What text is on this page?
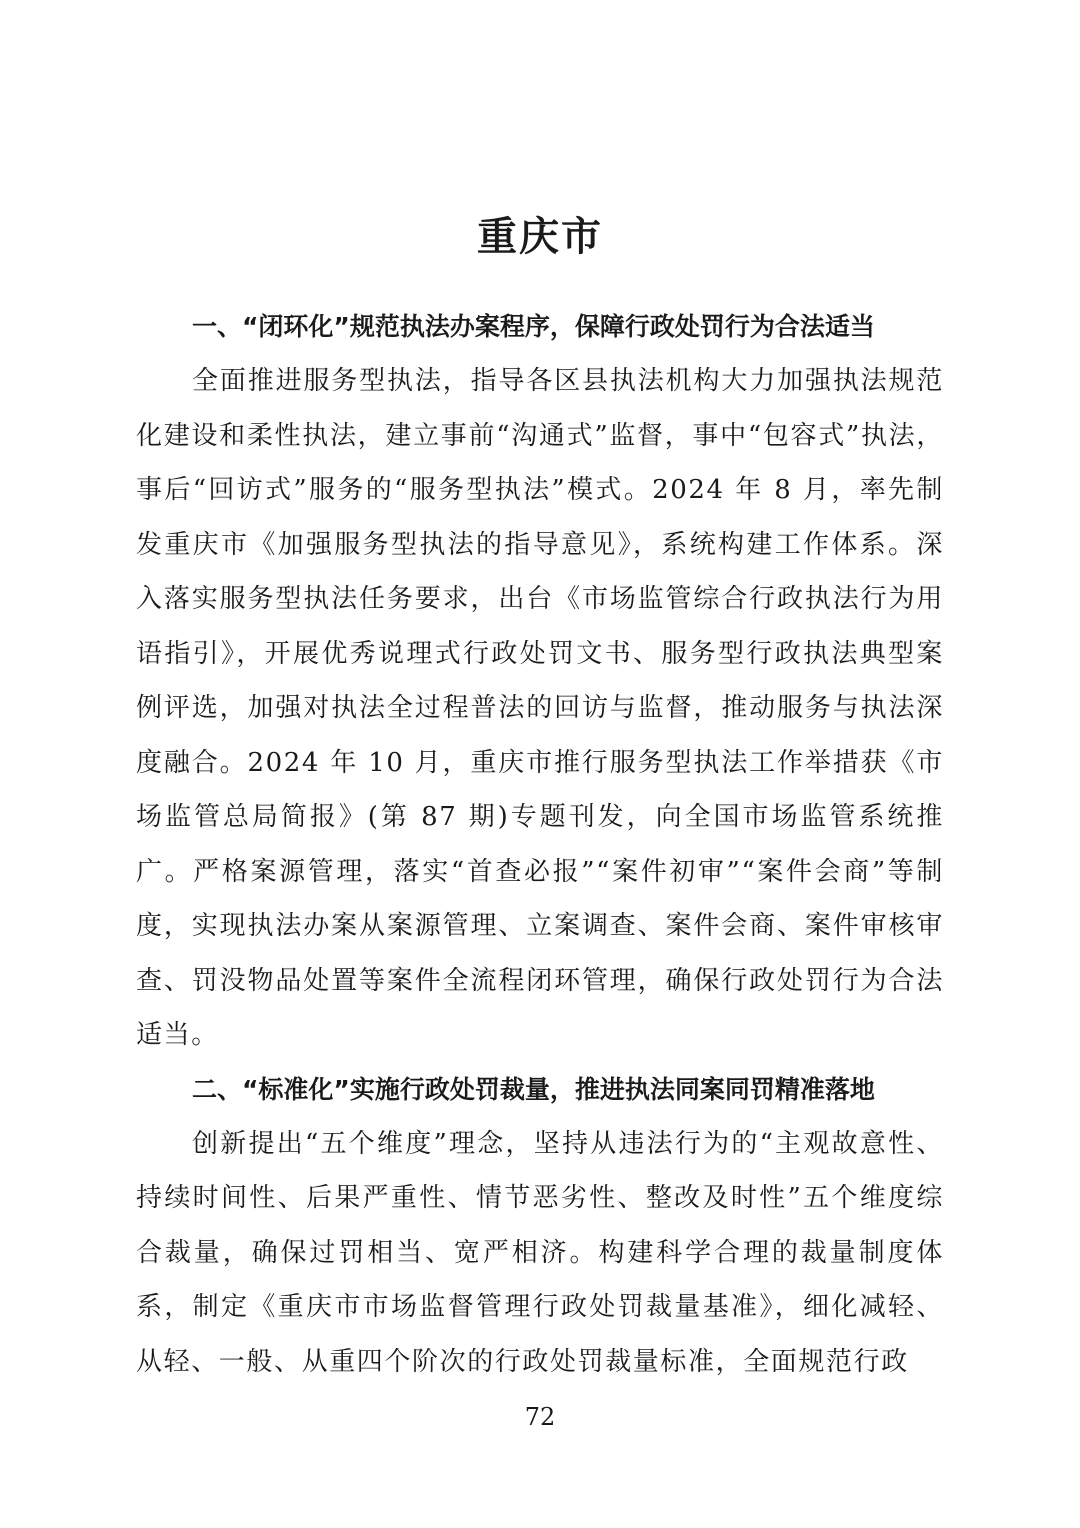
重庆市
一、“闭环化”规范执法办案程序，保障行政处罚行为合法适当

全面推进服务型执法，指导各区县执法机构大力加强执法规范化建设和柔性执法，建立事前“沟通式”监督，事中“包容式”执法，事后“回访式”服务的“服务型执法”模式。2024 年 8 月，率先制发重庆市《加强服务型执法的指导意见》，系统构建工作体系。深入落实服务型执法任务要求，出台《市场监管综合行政执法行为用语指引》，开展优秀说理式行政处罚文书、服务型行政执法典型案例评选，加强对执法全过程普法的回访与监督，推动服务与执法深度融合。2024 年 10 月，重庆市推行服务型执法工作举措获《市场监管总局简报》(第 87 期)专题刊发，向全国市场监管系统推广。严格案源管理，落实“首查必报”“案件初审”“案件会商”等制度，实现执法办案从案源管理、立案调查、案件会商、案件审核审查、罚没物品处置等案件全流程闭环管理，确保行政处罚行为合法适当。

二、“标准化”实施行政处罚裁量，推进执法同案同罚精准落地

创新提出“五个维度”理念，坚持从违法行为的“主观故意性、持续时间性、后果严重性、情节恶劣性、整改及时性”五个维度综合裁量，确保过罚相当、宽严相济。构建科学合理的裁量制度体系，制定《重庆市市场监督管理行政处罚裁量基准》，细化减轻、从轻、一般、从重四个阶次的行政处罚裁量标准，全面规范行政

72
